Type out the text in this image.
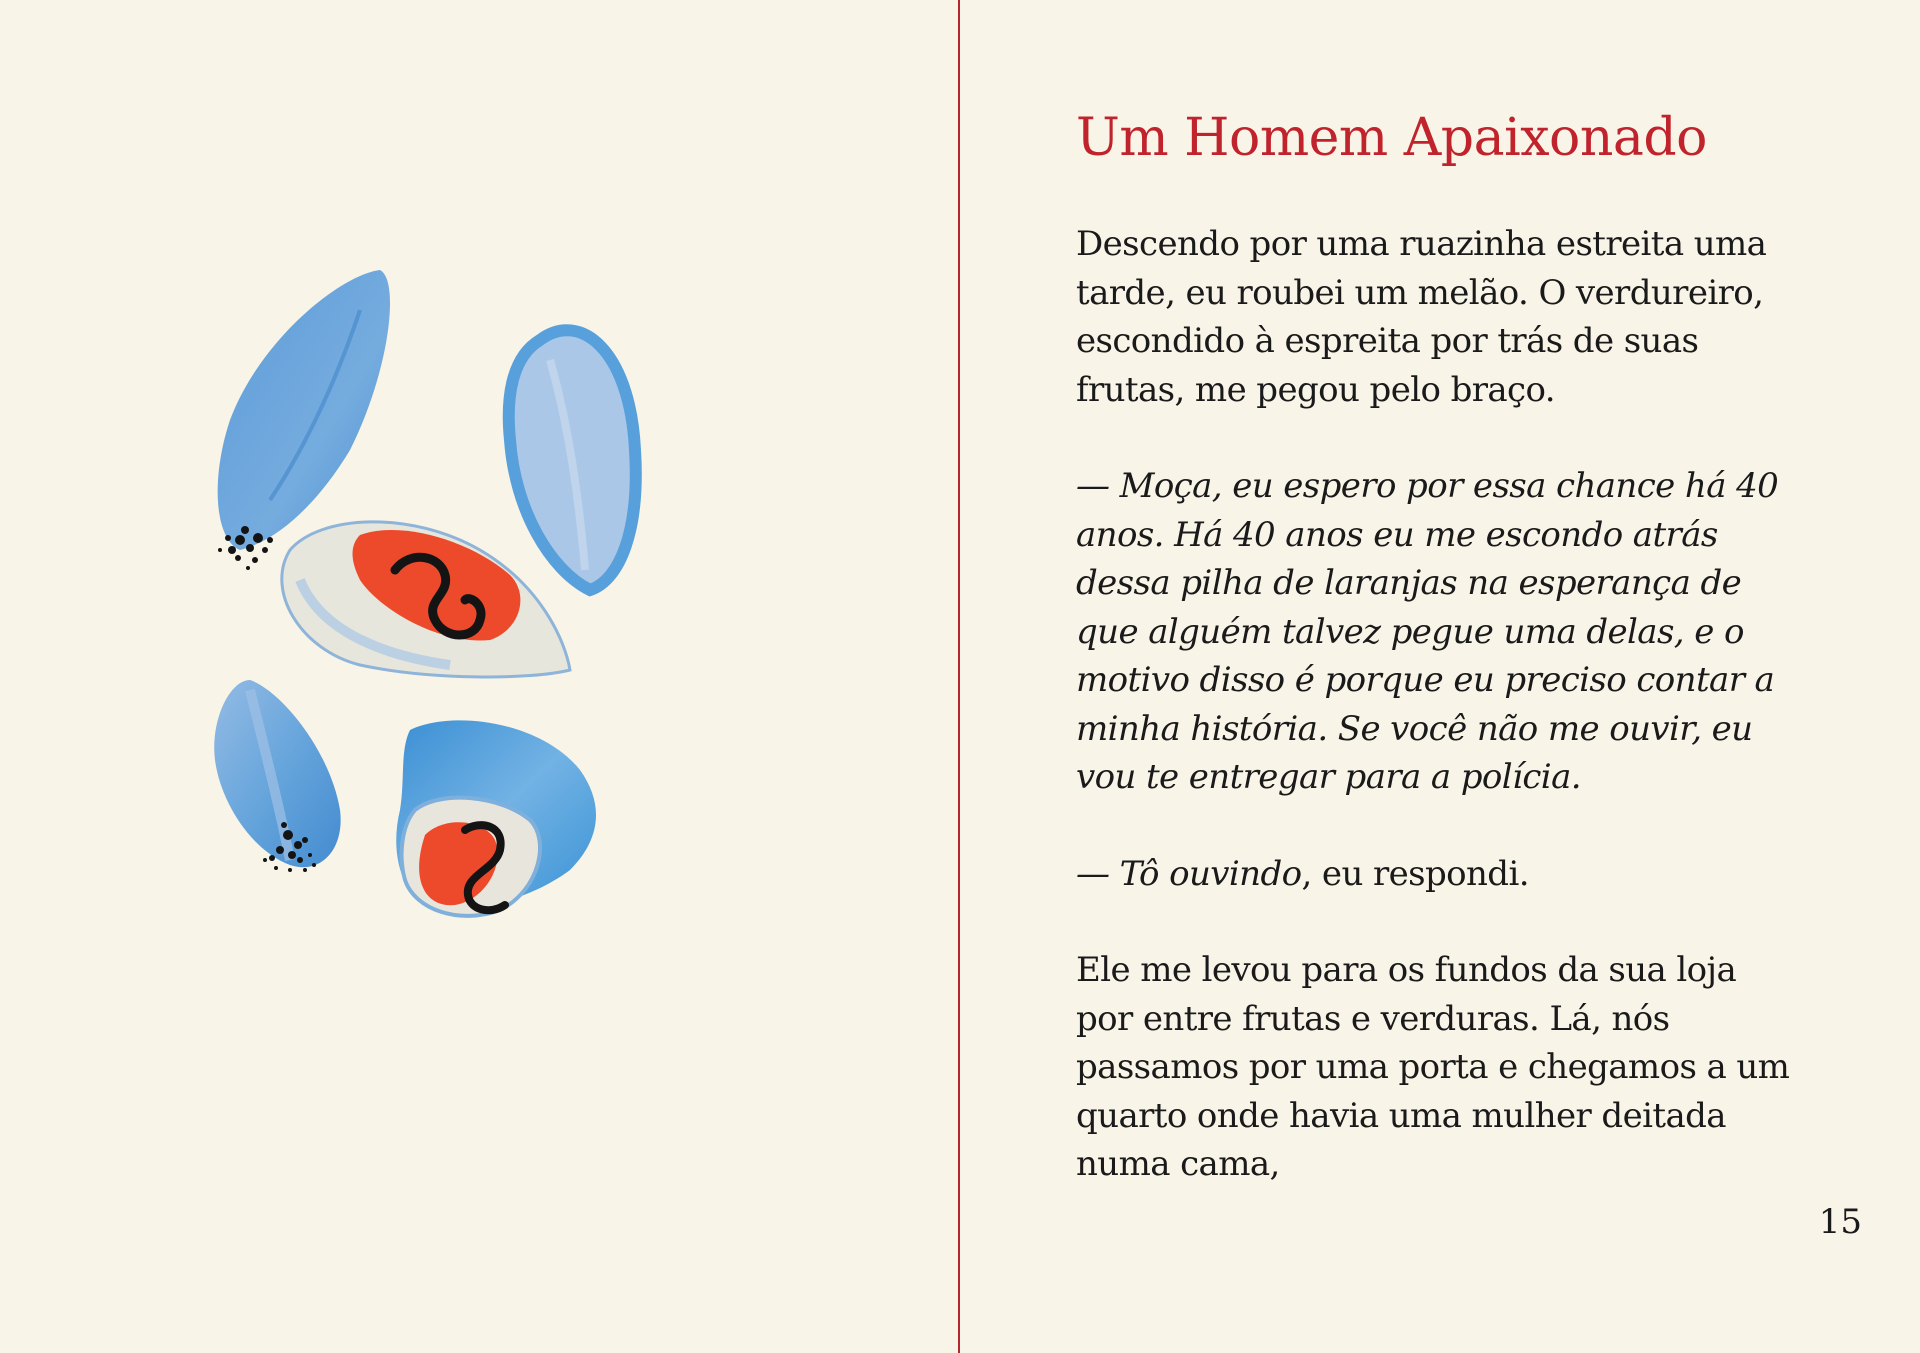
Um Homem Apaixonado

Descendo por uma ruazinha estreita uma tarde, eu roubei um melão. O verdureiro, escondido à espreita por trás de suas frutas, me pegou pelo braço.

— Moça, eu espero por essa chance há 40 anos. Há 40 anos eu me escondo atrás dessa pilha de laranjas na esperança de que alguém talvez pegue uma delas, e o motivo disso é porque eu preciso contar a minha história. Se você não me ouvir, eu vou te entregar para a polícia.

— Tô ouvindo, eu respondi.

Ele me levou para os fundos da sua loja por entre frutas e verduras. Lá, nós passamos por uma porta e chegamos a um quarto onde havia uma mulher deitada numa cama,

15
